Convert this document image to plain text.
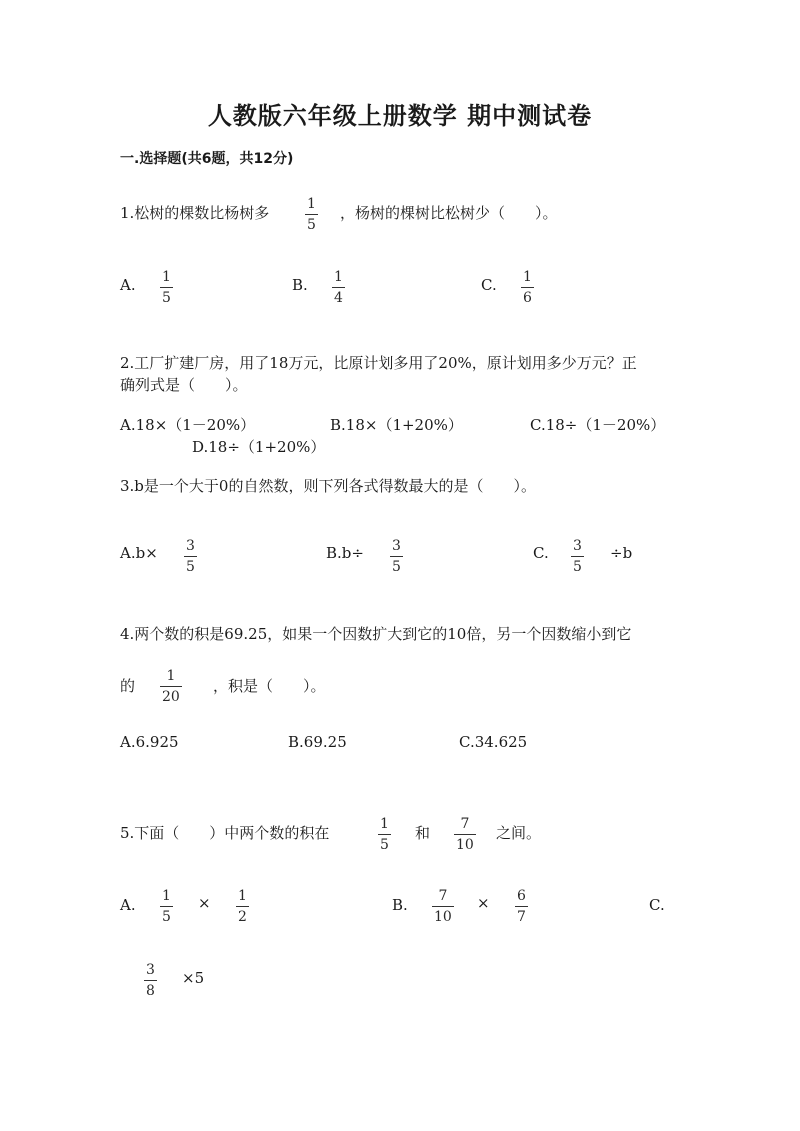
人教版六年级上册数学 期中测试卷
一.选择题(共6题，共12分)
1.松树的棵数比杨树多	1
5
，杨树的棵树比松树少（　　）。
A. 1
5
B. 1
4
C. 1
6
2.工厂扩建厂房，用了18万元，比原计划多用了20%，原计划用多少万元？正
确列式是（　　）。
A.18×（1－20%）	B.18×（1+20%）	C.18÷（1－20%）
D.18÷（1+20%）
3.b是一个大于0的自然数，则下列各式得数最大的是（　　）。
A.b× 3
5
B.b÷ 3
5
C. 3
5
÷b
4.两个数的积是69.25，如果一个因数扩大到它的10倍，另一个因数缩小到它
的
1
20
，积是（　　）。
A.6.925	B.69.25	C.34.625
5.下面（　　）中两个数的积在	1
5
和 7
10
之间。
A. 1
5
× 1
2
B. 7
10
× 6
7
C.
3
8
×5
